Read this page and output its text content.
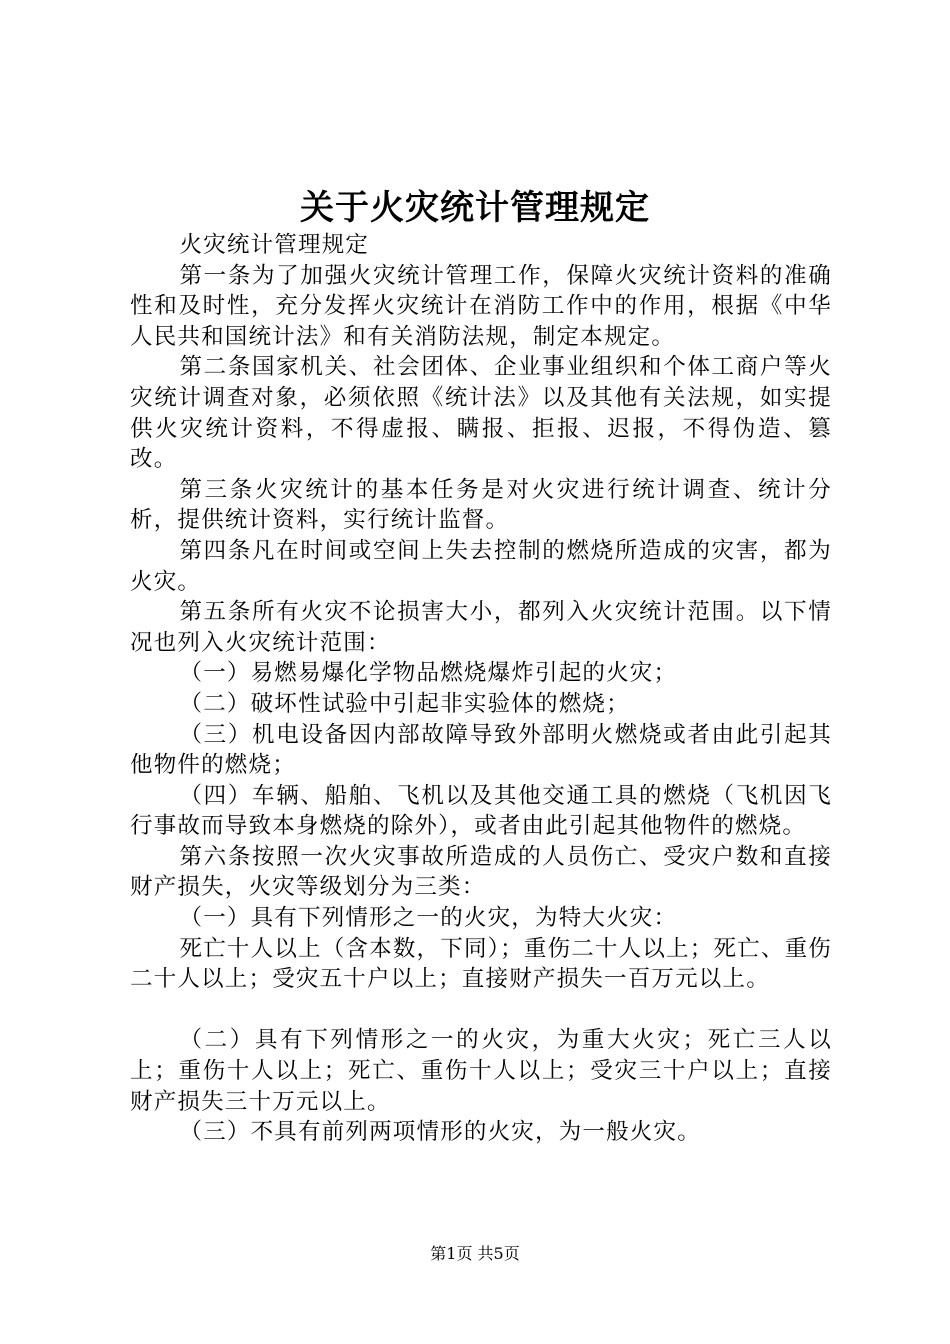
关于火灾统计管理规定

火灾统计管理规定

第一条为了加强火灾统计管理工作，保障火灾统计资料的准确性和及时性，充分发挥火灾统计在消防工作中的作用，根据《中华人民共和国统计法》和有关消防法规，制定本规定。

第二条国家机关、社会团体、企业事业组织和个体工商户等火灾统计调查对象，必须依照《统计法》以及其他有关法规，如实提供火灾统计资料，不得虚报、瞒报、拒报、迟报，不得伪造、篡改。

第三条火灾统计的基本任务是对火灾进行统计调查、统计分析，提供统计资料，实行统计监督。

第四条凡在时间或空间上失去控制的燃烧所造成的灾害，都为火灾。

第五条所有火灾不论损害大小，都列入火灾统计范围。以下情况也列入火灾统计范围：

（一）易燃易爆化学物品燃烧爆炸引起的火灾；

（二）破坏性试验中引起非实验体的燃烧；

（三）机电设备因内部故障导致外部明火燃烧或者由此引起其他物件的燃烧；

（四）车辆、船舶、飞机以及其他交通工具的燃烧（飞机因飞行事故而导致本身燃烧的除外），或者由此引起其他物件的燃烧。

第六条按照一次火灾事故所造成的人员伤亡、受灾户数和直接财产损失，火灾等级划分为三类：

（一）具有下列情形之一的火灾，为特大火灾：

死亡十人以上（含本数，下同）；重伤二十人以上；死亡、重伤二十人以上；受灾五十户以上；直接财产损失一百万元以上。

（二）具有下列情形之一的火灾，为重大火灾；死亡三人以上；重伤十人以上；死亡、重伤十人以上；受灾三十户以上；直接财产损失三十万元以上。

（三）不具有前列两项情形的火灾，为一般火灾。

第1页 共5页
